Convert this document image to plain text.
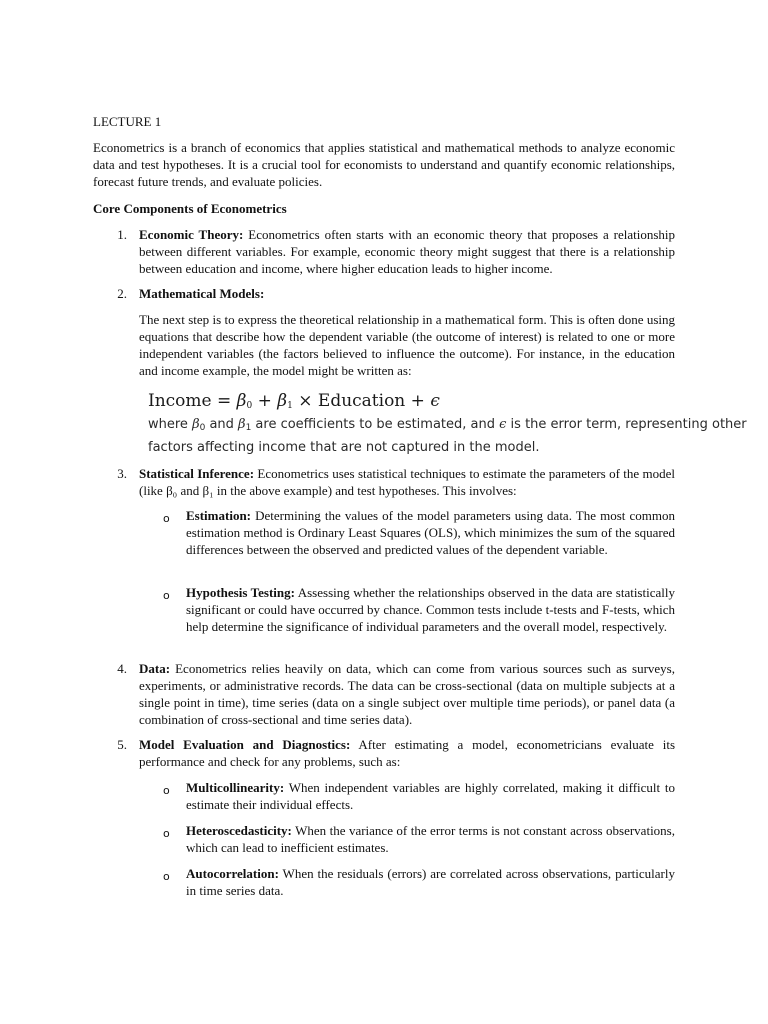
LECTURE 1

Econometrics is a branch of economics that applies statistical and mathematical methods to analyze economic data and test hypotheses. It is a crucial tool for economists to understand and quantify economic relationships, forecast future trends, and evaluate policies.

Core Components of Econometrics
1. Economic Theory: Econometrics often starts with an economic theory that proposes a relationship between different variables. For example, economic theory might suggest that there is a relationship between education and income, where higher education leads to higher income.

2. Mathematical Models:

The next step is to express the theoretical relationship in a mathematical form. This is often done using equations that describe how the dependent variable (the outcome of interest) is related to one or more independent variables (the factors believed to influence the outcome). For instance, in the education and income example, the model might be written as:

Income = $\beta_0 + \beta_1$ × Education + ϵ
where $\beta_0$ and $\beta_1$ are coefficients to be estimated, and ϵ is the error term, representing other
factors affecting income that are not captured in the model.
3. Statistical Inference: Econometrics uses statistical techniques to estimate the parameters of the model (like β₀ and β₁ in the above example) and test hypotheses. This involves:

o Estimation: Determining the values of the model parameters using data. The most common estimation method is Ordinary Least Squares (OLS), which minimizes the sum of the squared differences between the observed and predicted values of the dependent variable.

o Hypothesis Testing: Assessing whether the relationships observed in the data are statistically significant or could have occurred by chance. Common tests include t-tests and F-tests, which help determine the significance of individual parameters and the overall model, respectively.

4. Data: Econometrics relies heavily on data, which can come from various sources such as surveys, experiments, or administrative records. The data can be cross-sectional (data on multiple subjects at a single point in time), time series (data on a single subject over multiple time periods), or panel data (a combination of cross-sectional and time series data).

5. Model Evaluation and Diagnostics: After estimating a model, econometricians evaluate its performance and check for any problems, such as:

o Multicollinearity: When independent variables are highly correlated, making it difficult to estimate their individual effects.

o Heteroscedasticity: When the variance of the error terms is not constant across observations, which can lead to inefficient estimates.

o Autocorrelation: When the residuals (errors) are correlated across observations, particularly in time series data.
